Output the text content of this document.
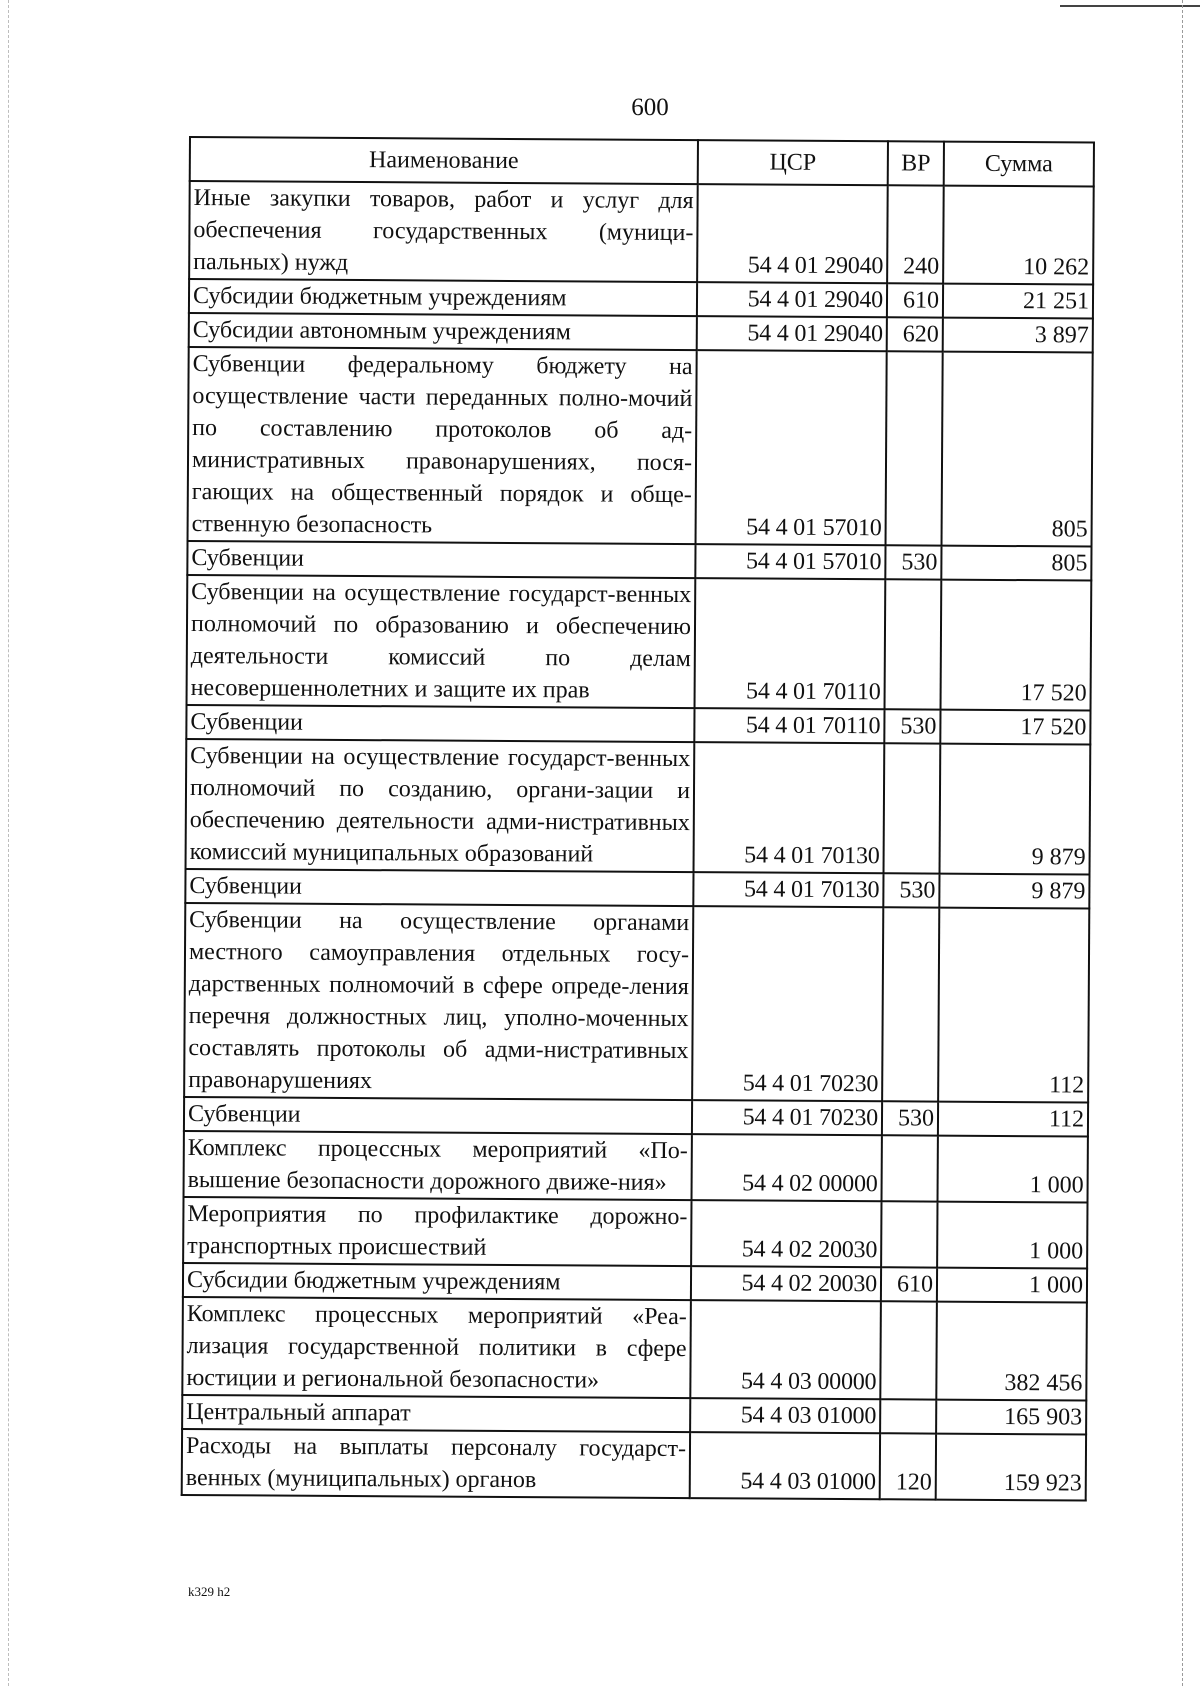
600
Наименование	ЦСР	ВР	Сумма
Иные закупки товаров, работ и услуг для обеспечения государственных (муници-пальных) нужд	54 4 01 29040	240	10 262
Субсидии бюджетным учреждениям	54 4 01 29040	610	21 251
Субсидии автономным учреждениям	54 4 01 29040	620	3 897
Субвенции федеральному бюджету на осуществление части переданных полно-мочий по составлению протоколов об ад-министративных правонарушениях, пося-гающих на общественный порядок и обще-ственную безопасность	54 4 01 57010		805
Субвенции	54 4 01 57010	530	805
Субвенции на осуществление государст-венных полномочий по образованию и обеспечению деятельности комиссий по делам несовершеннолетних и защите их прав	54 4 01 70110		17 520
Субвенции	54 4 01 70110	530	17 520
Субвенции на осуществление государст-венных полномочий по созданию, органи-зации и обеспечению деятельности адми-нистративных комиссий муниципальных образований	54 4 01 70130		9 879
Субвенции	54 4 01 70130	530	9 879
Субвенции на осуществление органами местного самоуправления отдельных госу-дарственных полномочий в сфере опреде-ления перечня должностных лиц, уполно-моченных составлять протоколы об адми-нистративных правонарушениях	54 4 01 70230		112
Субвенции	54 4 01 70230	530	112
Комплекс процессных мероприятий «По-вышение безопасности дорожного движе-ния»	54 4 02 00000		1 000
Мероприятия по профилактике дорожно-транспортных происшествий	54 4 02 20030		1 000
Субсидии бюджетным учреждениям	54 4 02 20030	610	1 000
Комплекс процессных мероприятий «Реа-лизация государственной политики в сфере юстиции и региональной безопасности»	54 4 03 00000		382 456
Центральный аппарат	54 4 03 01000		165 903
Расходы на выплаты персоналу государст-венных (муниципальных) органов	54 4 03 01000	120	159 923
k329 h2
